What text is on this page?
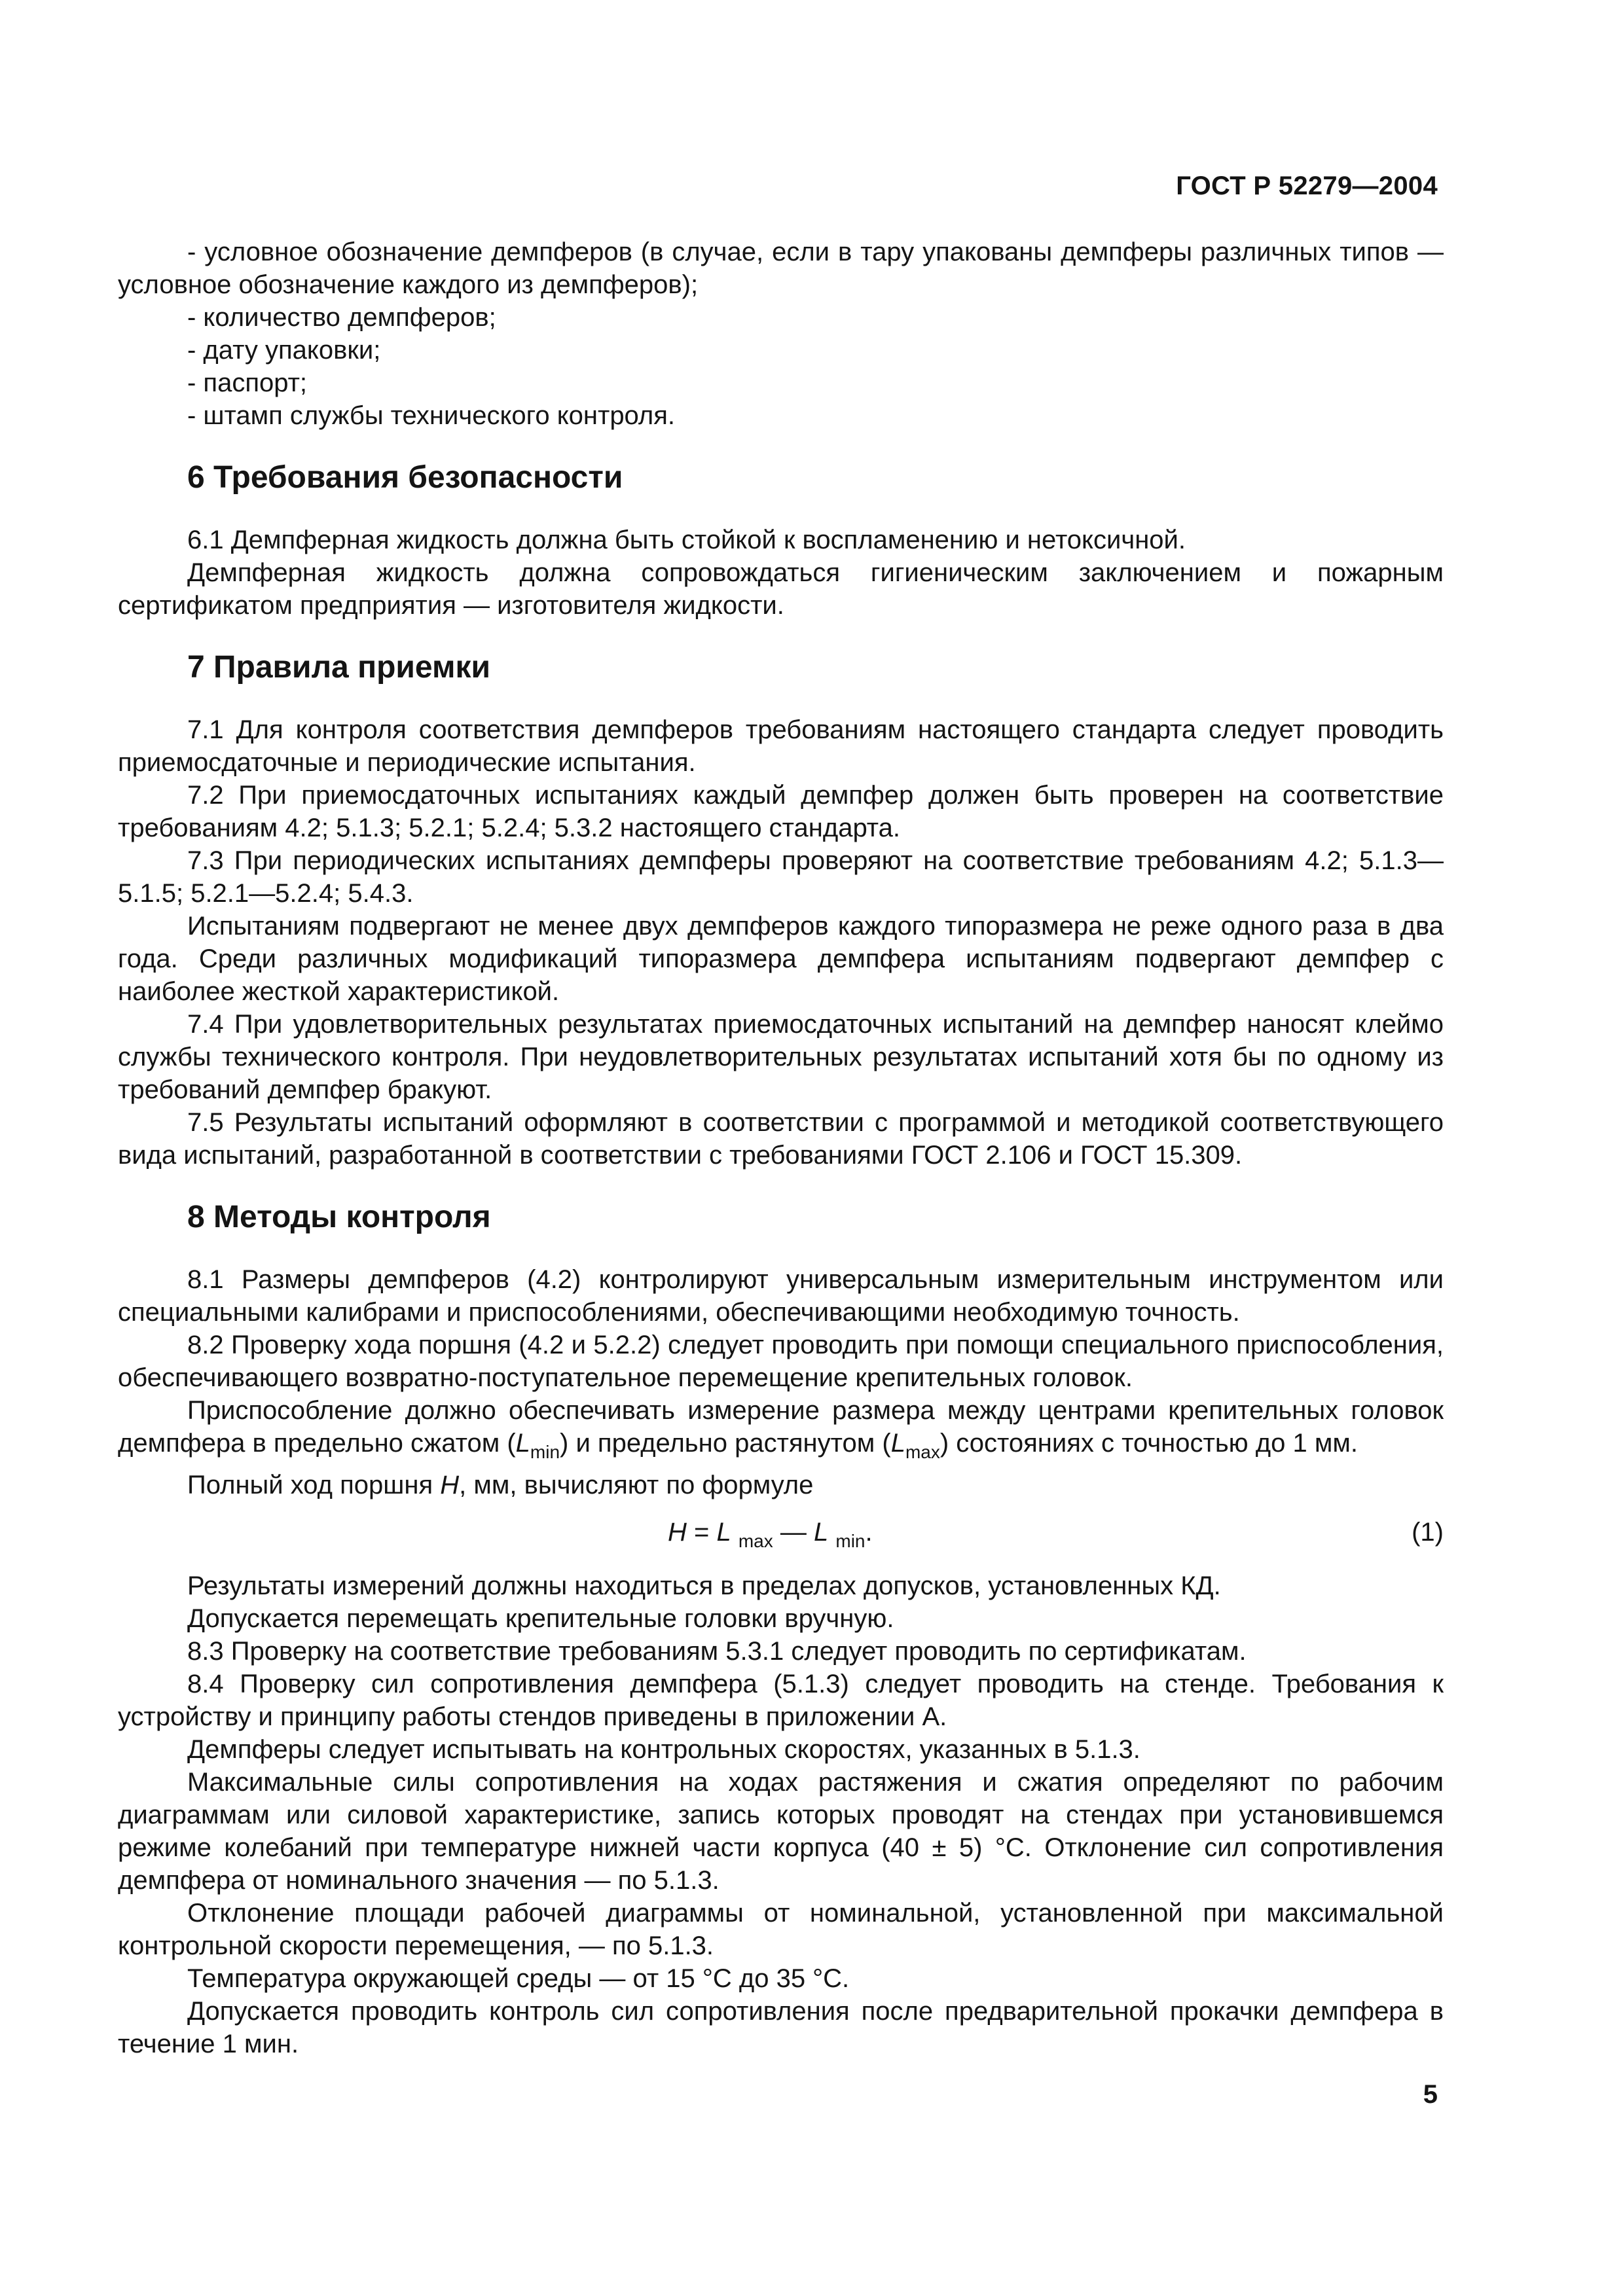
ГОСТ Р 52279—2004

- условное обозначение демпферов (в случае, если в тару упакованы демпферы различных типов — условное обозначение каждого из демпферов);

- количество демпферов;

- дату упаковки;

- паспорт;

- штамп службы технического контроля.

6 Требования безопасности

6.1 Демпферная жидкость должна быть стойкой к воспламенению и нетоксичной.

Демпферная жидкость должна сопровождаться гигиеническим заключением и пожарным сертификатом предприятия — изготовителя жидкости.

7 Правила приемки

7.1 Для контроля соответствия демпферов требованиям настоящего стандарта следует проводить приемосдаточные и периодические испытания.

7.2 При приемосдаточных испытаниях каждый демпфер должен быть проверен на соответствие требованиям 4.2; 5.1.3; 5.2.1; 5.2.4; 5.3.2 настоящего стандарта.

7.3 При периодических испытаниях демпферы проверяют на соответствие требованиям 4.2; 5.1.3—5.1.5; 5.2.1—5.2.4; 5.4.3.

Испытаниям подвергают не менее двух демпферов каждого типоразмера не реже одного раза в два года. Среди различных модификаций типоразмера демпфера испытаниям подвергают демпфер с наиболее жесткой характеристикой.

7.4 При удовлетворительных результатах приемосдаточных испытаний на демпфер наносят клеймо службы технического контроля. При неудовлетворительных результатах испытаний хотя бы по одному из требований демпфер бракуют.

7.5 Результаты испытаний оформляют в соответствии с программой и методикой соответствующего вида испытаний, разработанной в соответствии с требованиями ГОСТ 2.106 и ГОСТ 15.309.

8 Методы контроля

8.1 Размеры демпферов (4.2) контролируют универсальным измерительным инструментом или специальными калибрами и приспособлениями, обеспечивающими необходимую точность.

8.2 Проверку хода поршня (4.2 и 5.2.2) следует проводить при помощи специального приспособления, обеспечивающего возвратно-поступательное перемещение крепительных головок.

Приспособление должно обеспечивать измерение размера между центрами крепительных головок демпфера в предельно сжатом $(L_{min})$ и предельно растянутом $(L_{max})$ состояниях с точностью до 1 мм.

Полный ход поршня H, мм, вычисляют по формуле

H = L $_{max}$ — L $_{min}$.	(1)

Результаты измерений должны находиться в пределах допусков, установленных КД.

Допускается перемещать крепительные головки вручную.

8.3 Проверку на соответствие требованиям 5.3.1 следует проводить по сертификатам.

8.4 Проверку сил сопротивления демпфера (5.1.3) следует проводить на стенде. Требования к устройству и принципу работы стендов приведены в приложении А.

Демпферы следует испытывать на контрольных скоростях, указанных в 5.1.3.

Максимальные силы сопротивления на ходах растяжения и сжатия определяют по рабочим диаграммам или силовой характеристике, запись которых проводят на стендах при установившемся режиме колебаний при температуре нижней части корпуса (40 ± 5) °С. Отклонение сил сопротивления демпфера от номинального значения — по 5.1.3.

Отклонение площади рабочей диаграммы от номинальной, установленной при максимальной контрольной скорости перемещения, — по 5.1.3.

Температура окружающей среды — от 15 °С до 35 °С.

Допускается проводить контроль сил сопротивления после предварительной прокачки демпфера в течение 1 мин.

5
